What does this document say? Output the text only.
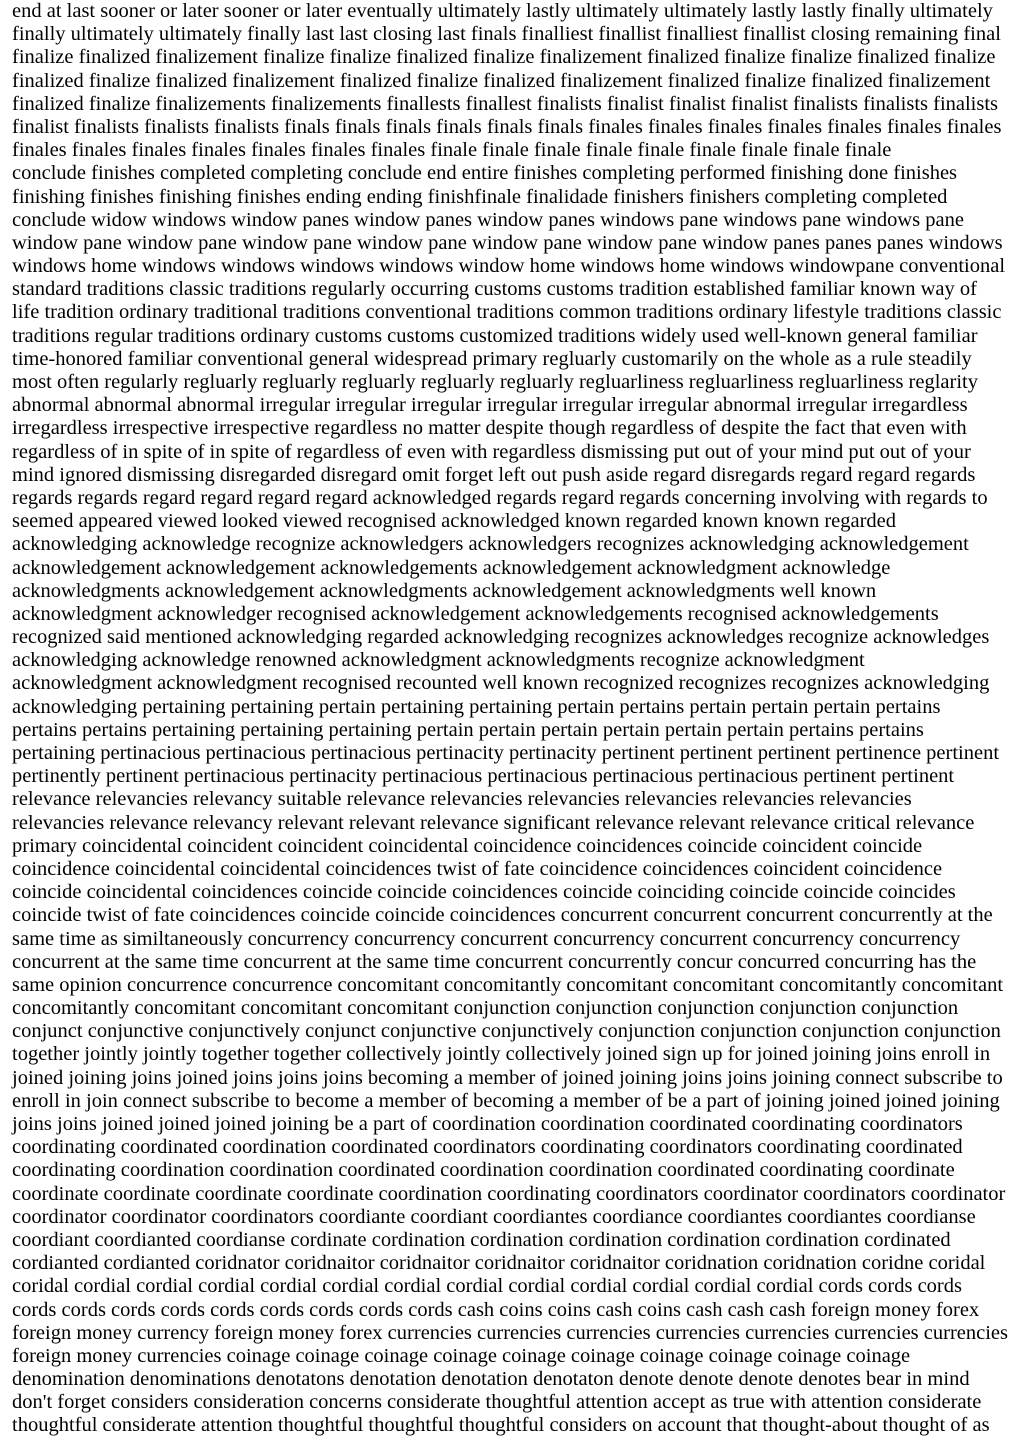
end at last sooner or later sooner or later eventually ultimately lastly ultimately ultimately lastly lastly finally ultimately
finally ultimately ultimately finally last last closing last finals finalliest finallist finalliest finallist closing remaining final
finalize finalized finalizement finalize finalize finalized finalize finalizement finalized finalize finalize finalized finalize
finalized finalize finalized finalizement finalized finalize finalized finalizement finalized finalize finalized finalizement
finalized finalize finalizements finalizements finallests finallest finalists finalist finalist finalist finalists finalists finalists
finalist finalists finalists finalists finals finals finals finals finals finals finales finales finales finales finales finales finales
finales finales finales finales finales finales finales finale finale finale finale finale finale finale finale finale
conclude finishes completed completing conclude end entire finishes completing performed finishing done finishes
finishing finishes finishing finishes ending ending finishfinale finalidade finishers finishers completing completed
conclude widow windows window panes window panes window panes windows pane windows pane windows pane
window pane window pane window pane window pane window pane window pane window panes panes panes windows
windows home windows windows windows windows window home windows home windows windowpane conventional
standard traditions classic traditions regularly occurring customs customs tradition established familiar known way of
life tradition ordinary traditional traditions conventional traditions common traditions ordinary lifestyle traditions classic
traditions regular traditions ordinary customs customs customized traditions widely used well-known general familiar
time-honored familiar conventional general widespread primary regluarly customarily on the whole as a rule steadily
most often regularly regluarly regluarly regluarly regluarly regluarly regluarliness regluarliness regluarliness reglarity
abnormal abnormal abnormal irregular irregular irregular irregular irregular irregular abnormal irregular irregardless
irregardless irrespective irrespective regardless no matter despite though regardless of despite the fact that even with
regardless of in spite of in spite of regardless of even with regardless dismissing put out of your mind put out of your
mind ignored dismissing disregarded disregard omit forget left out push aside regard disregards regard regard regards
regards regards regard regard regard regard acknowledged regards regard regards concerning involving with regards to
seemed appeared viewed looked viewed recognised acknowledged known regarded known known regarded
acknowledging acknowledge recognize acknowledgers acknowledgers recognizes acknowledging acknowledgement
acknowledgement acknowledgement acknowledgements acknowledgement acknowledgment acknowledge
acknowledgments acknowledgement acknowledgments acknowledgement acknowledgments well known
acknowledgment acknowledger recognised acknowledgement acknowledgements recognised acknowledgements
recognized said mentioned acknowledging regarded acknowledging recognizes acknowledges recognize acknowledges
acknowledging acknowledge renowned acknowledgment acknowledgments recognize acknowledgment
acknowledgment acknowledgment recognised recounted well known recognized recognizes recognizes acknowledging
acknowledging pertaining pertaining pertain pertaining pertaining pertain pertains pertain pertain pertain pertains
pertains pertains pertaining pertaining pertaining pertain pertain pertain pertain pertain pertain pertains pertains
pertaining pertinacious pertinacious pertinacious pertinacity pertinacity pertinent pertinent pertinent pertinence pertinent
pertinently pertinent pertinacious pertinacity pertinacious pertinacious pertinacious pertinacious pertinent pertinent
relevance relevancies relevancy suitable relevance relevancies relevancies relevancies relevancies relevancies
relevancies relevance relevancy relevant relevant relevance significant relevance relevant relevance critical relevance
primary coincidental coincident coincident coincidental coincidence coincidences coincide coincident coincide
coincidence coincidental coincidental coincidences twist of fate coincidence coincidences coincident coincidence
coincide coincidental coincidences coincide coincide coincidences coincide coinciding coincide coincide coincides
coincide twist of fate coincidences coincide coincide coincidences concurrent concurrent concurrent concurrently at the
same time as similtaneously concurrency concurrency concurrent concurrency concurrent concurrency concurrency
concurrent at the same time concurrent at the same time concurrent concurrently concur concurred concurring has the
same opinion concurrence concurrence concomitant concomitantly concomitant concomitant concomitantly concomitant
concomitantly concomitant concomitant concomitant conjunction conjunction conjunction conjunction conjunction
conjunct conjunctive conjunctively conjunct conjunctive conjunctively conjunction conjunction conjunction conjunction
together jointly jointly together together collectively jointly collectively joined sign up for joined joining joins enroll in
joined joining joins joined joins joins joins becoming a member of joined joining joins joins joining connect subscribe to
enroll in join connect subscribe to become a member of becoming a member of be a part of joining joined joined joining
joins joins joined joined joined joining be a part of coordination coordination coordinated coordinating coordinators
coordinating coordinated coordination coordinated coordinators coordinating coordinators coordinating coordinated
coordinating coordination coordination coordinated coordination coordination coordinated coordinating coordinate
coordinate coordinate coordinate coordinate coordination coordinating coordinators coordinator coordinators coordinator
coordinator coordinator coordinators coordiante coordiant coordiantes coordiance coordiantes coordiantes coordianse
coordiant coordianted coordianse cordinate cordination cordination cordination cordination cordination cordinated
cordianted cordianted coridnator coridnaitor coridnaitor coridnaitor coridnaitor coridnation coridnation coridne coridal
coridal cordial cordial cordial cordial cordial cordial cordial cordial cordial cordial cordial cordial cords cords cords
cords cords cords cords cords cords cords cords cords cash coins coins cash coins cash cash cash foreign money forex
foreign money currency foreign money forex currencies currencies currencies currencies currencies currencies currencies
foreign money currencies coinage coinage coinage coinage coinage coinage coinage coinage coinage coinage
denomination denominations denotatons denotation denotation denotaton denote denote denote denotes bear in mind
don't forget considers consideration concerns considerate thoughtful attention accept as true with attention considerate
thoughtful considerate attention thoughtful thoughtful thoughtful considers on account that thought-about thought of as
